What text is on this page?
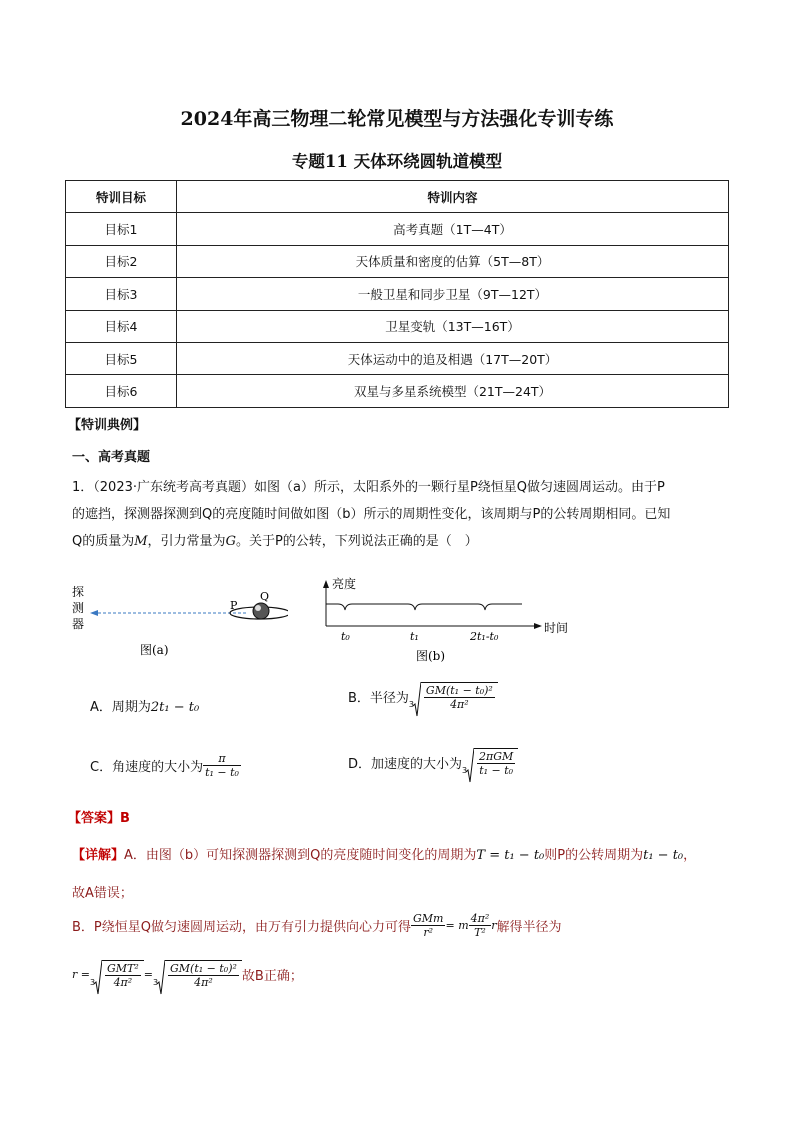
2024年高三物理二轮常见模型与方法强化专训专练
专题11 天体环绕圆轨道模型
特训目标	特训内容
目标1	高考真题（1T—4T）
目标2	天体质量和密度的估算（5T—8T）
目标3	一般卫星和同步卫星（9T—12T）
目标4	卫星变轨（13T—16T）
目标5	天体运动中的追及相遇（17T—20T）
目标6	双星与多星系统模型（21T—24T）
【特训典例】
一、高考真题
1．（2023·广东统考高考真题）如图（a）所示，太阳系外的一颗行星P绕恒星Q做匀速圆周运动。由于P
的遮挡，探测器探测到Q的亮度随时间做如图（b）所示的周期性变化，该周期与P的公转周期相同。已知
Q的质量为M，引力常量为G。关于P的公转，下列说法正确的是（　）
探
测
器
P
Q
图(a)
亮度
时间
t₀	t₁	2t₁-t₀
图(b)
A．周期为2t₁ − t₀
B．半径为 $3 \frac{\text{GM(t₁ − t₀)²}}{\text{4π²}}$
C．角速度的大小为 $\frac{\pi}{\text{t₁ − t₀}}$	D．加速度的大小为 $3 \frac{\text{2πGM}}{\text{t₁ − t₀}}$
【答案】B
【详解】A．由图（b）可知探测器探测到Q的亮度随时间变化的周期为T = t₁ − t₀则P的公转周期为t₁ − t₀，
故A错误；
B．P绕恒星Q做匀速圆周运动，由万有引力提供向心力可得 $\frac{\text{GMm}}{\text{r²}} = m \frac{\text{4π²}}{\text{T²}}$ r解得半径为
r =
$3 \frac{\text{GMT²}}{\text{4π²}}$ =
$3 \frac{\text{GM(t₁ − t₀)²}}{\text{4π²}}$ 故B正确；
